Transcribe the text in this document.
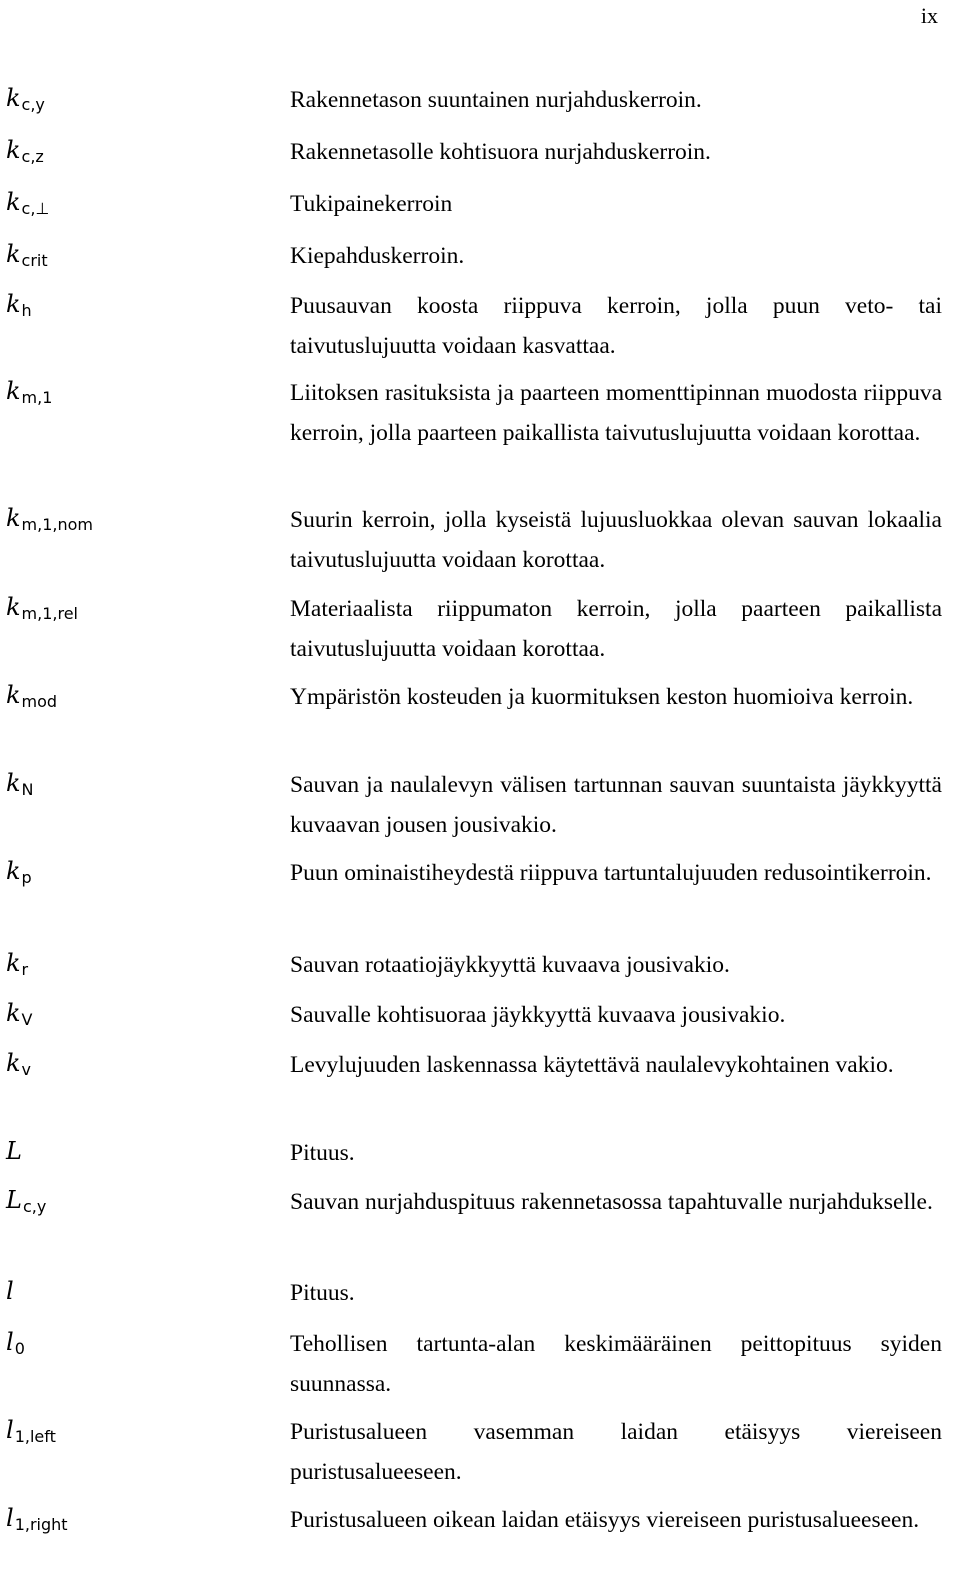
ix
$k_{c,y}$	Rakennetason suuntainen nurjahduskerroin.
$k_{c,z}$	Rakennetasolle kohtisuora nurjahduskerroin.
$k_{c,\perp}$	Tukipainekerroin
$k_{crit}$	Kiepahduskerroin.
$k_h$	Puusauvan koosta riippuva kerroin, jolla puun veto- tai taivutuslujuutta voidaan kasvattaa.
$k_{m,1}$	Liitoksen rasituksista ja paarteen momenttipinnan muodosta riippuva kerroin, jolla paarteen paikallista taivutuslujuutta voidaan korottaa.
$k_{m,1,nom}$	Suurin kerroin, jolla kyseistä lujuusluokkaa olevan sauvan lokaalia taivutuslujuutta voidaan korottaa.
$k_{m,1,rel}$	Materiaalista riippumaton kerroin, jolla paarteen paikallista taivutuslujuutta voidaan korottaa.
$k_{mod}$	Ympäristön kosteuden ja kuormituksen keston huomioiva kerroin.
$k_N$	Sauvan ja naulalevyn välisen tartunnan sauvan suuntaista jäykkyyttä kuvaavan jousen jousivakio.
$k_p$	Puun ominaistiheydestä riippuva tartuntalujuuden redusointikerroin.
$k_r$	Sauvan rotaatiojäykkyyttä kuvaava jousivakio.
$k_V$	Sauvalle kohtisuoraa jäykkyyttä kuvaava jousivakio.
$k_v$	Levylujuuden laskennassa käytettävä naulalevykohtainen vakio.
L	Pituus.
$L_{c,y}$	Sauvan nurjahduspituus rakennetasossa tapahtuvalle nurjahdukselle.
l	Pituus.
$l_0$	Tehollisen tartunta-alan keskimääräinen peittopituus syiden suunnassa.
$l_{1,left}$	Puristusalueen vasemman laidan etäisyys viereiseen puristusalueeseen.
$l_{1,right}$	Puristusalueen oikean laidan etäisyys viereiseen puristusalueeseen.
